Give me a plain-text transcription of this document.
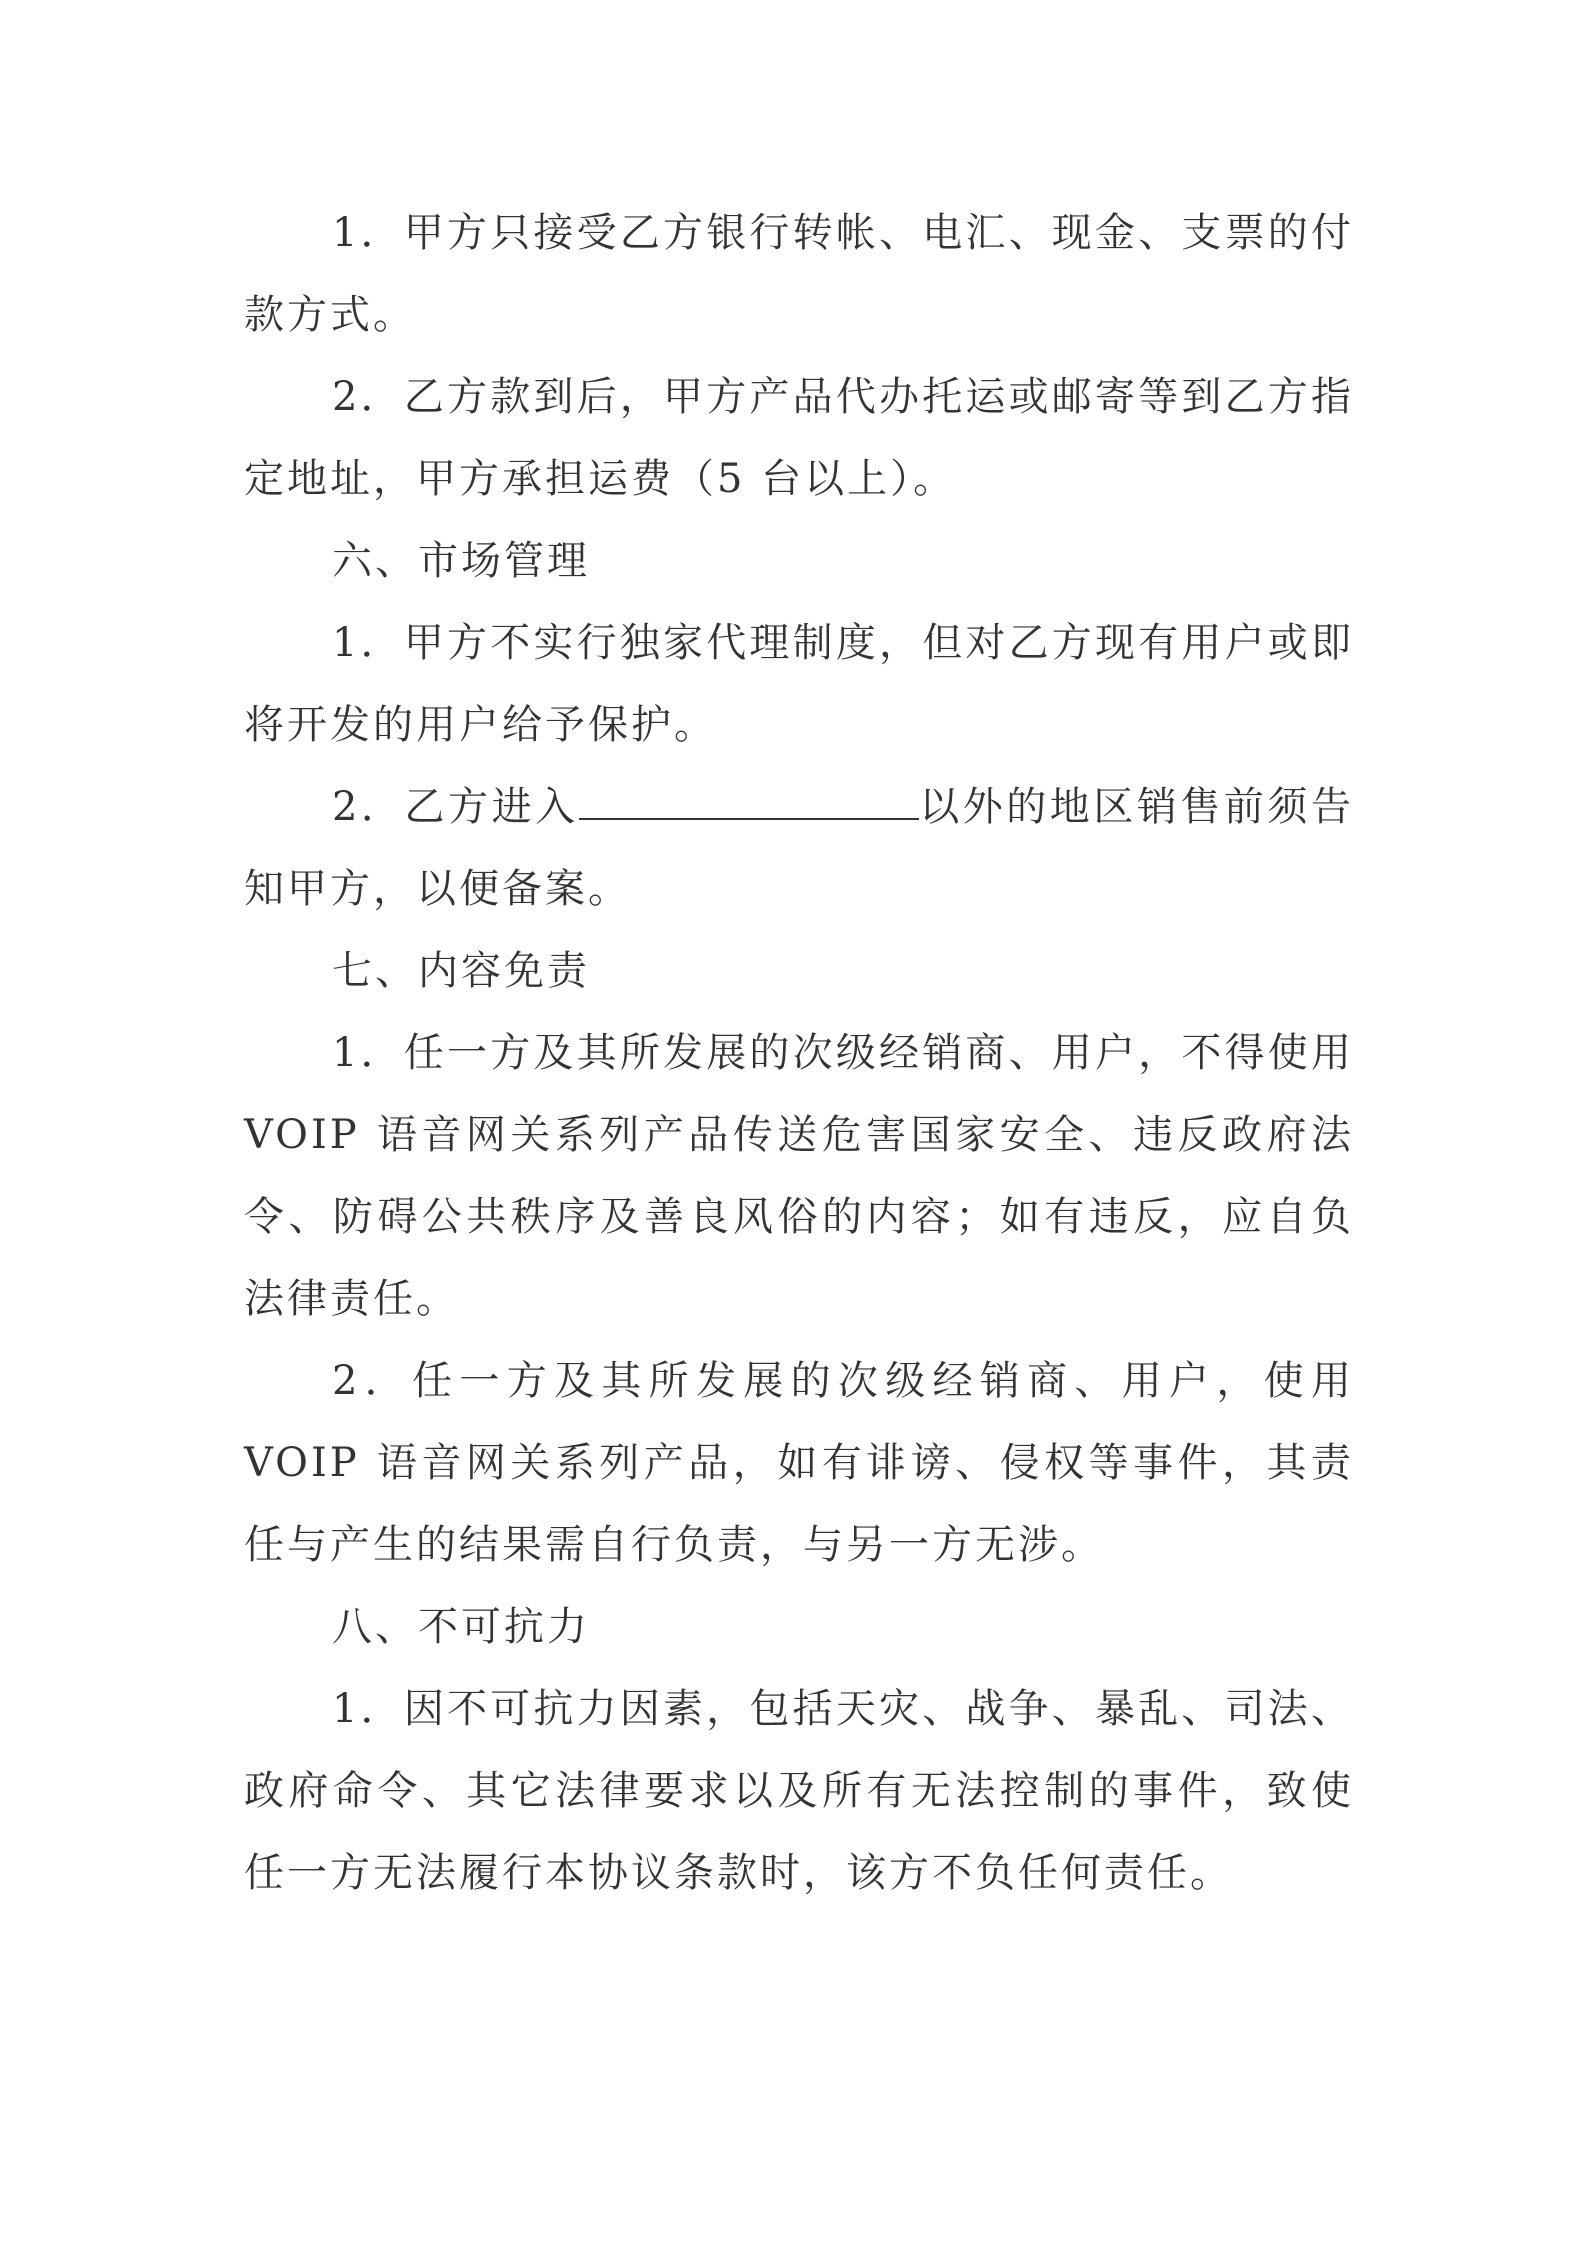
1．甲方只接受乙方银行转帐、电汇、现金、支票的付款方式。

2．乙方款到后，甲方产品代办托运或邮寄等到乙方指定地址，甲方承担运费（5 台以上）。

六、市场管理

1．甲方不实行独家代理制度，但对乙方现有用户或即将开发的用户给予保护。

2．乙方进入	以外的地区销售前须告知甲方，以便备案。

七、内容免责

1．任一方及其所发展的次级经销商、用户，不得使用 VOIP 语音网关系列产品传送危害国家安全、违反政府法令、防碍公共秩序及善良风俗的内容；如有违反，应自负法律责任。

2．任一方及其所发展的次级经销商、用户，使用 VOIP 语音网关系列产品，如有诽谤、侵权等事件，其责任与产生的结果需自行负责，与另一方无涉。

八、不可抗力

1．因不可抗力因素，包括天灾、战争、暴乱、司法、政府命令、其它法律要求以及所有无法控制的事件，致使任一方无法履行本协议条款时，该方不负任何责任。
